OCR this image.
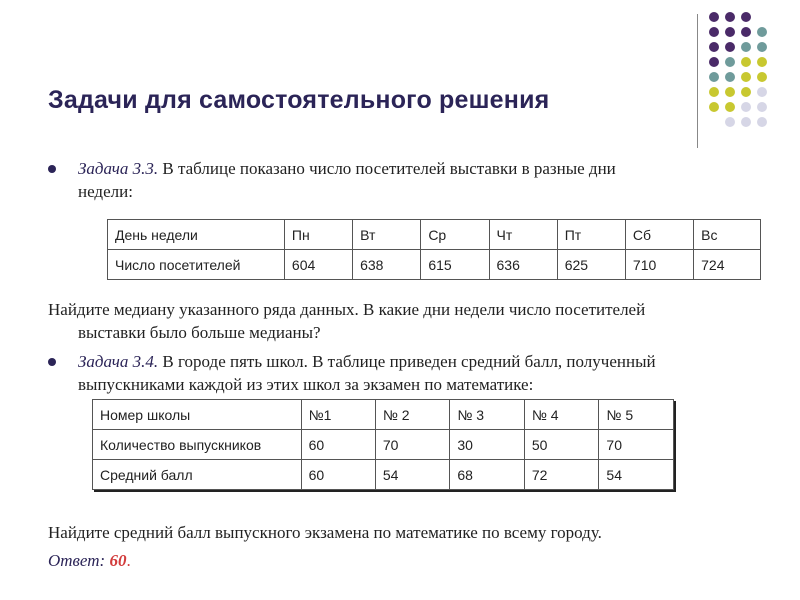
Задачи для самостоятельного решения
Задача 3.3. В таблице показано число посетителей выставки в разные дни
недели:
День недели	Пн	Вт	Ср	Чт	Пт	Сб	Вс
Число посетителей	604	638	615	636	625	710	724
Найдите медиану указанного ряда данных. В какие дни недели число посетителей
выставки было больше медианы?
Задача 3.4. В городе пять школ. В таблице приведен средний балл, полученный
выпускниками каждой из этих школ за экзамен по математике:
Номер школы	№1	№ 2	№ 3	№ 4	№ 5
Количество выпускников	60	70	30	50	70
Средний балл	60	54	68	72	54
Найдите средний балл выпускного экзамена по математике по всему городу.
Ответ: 60.
